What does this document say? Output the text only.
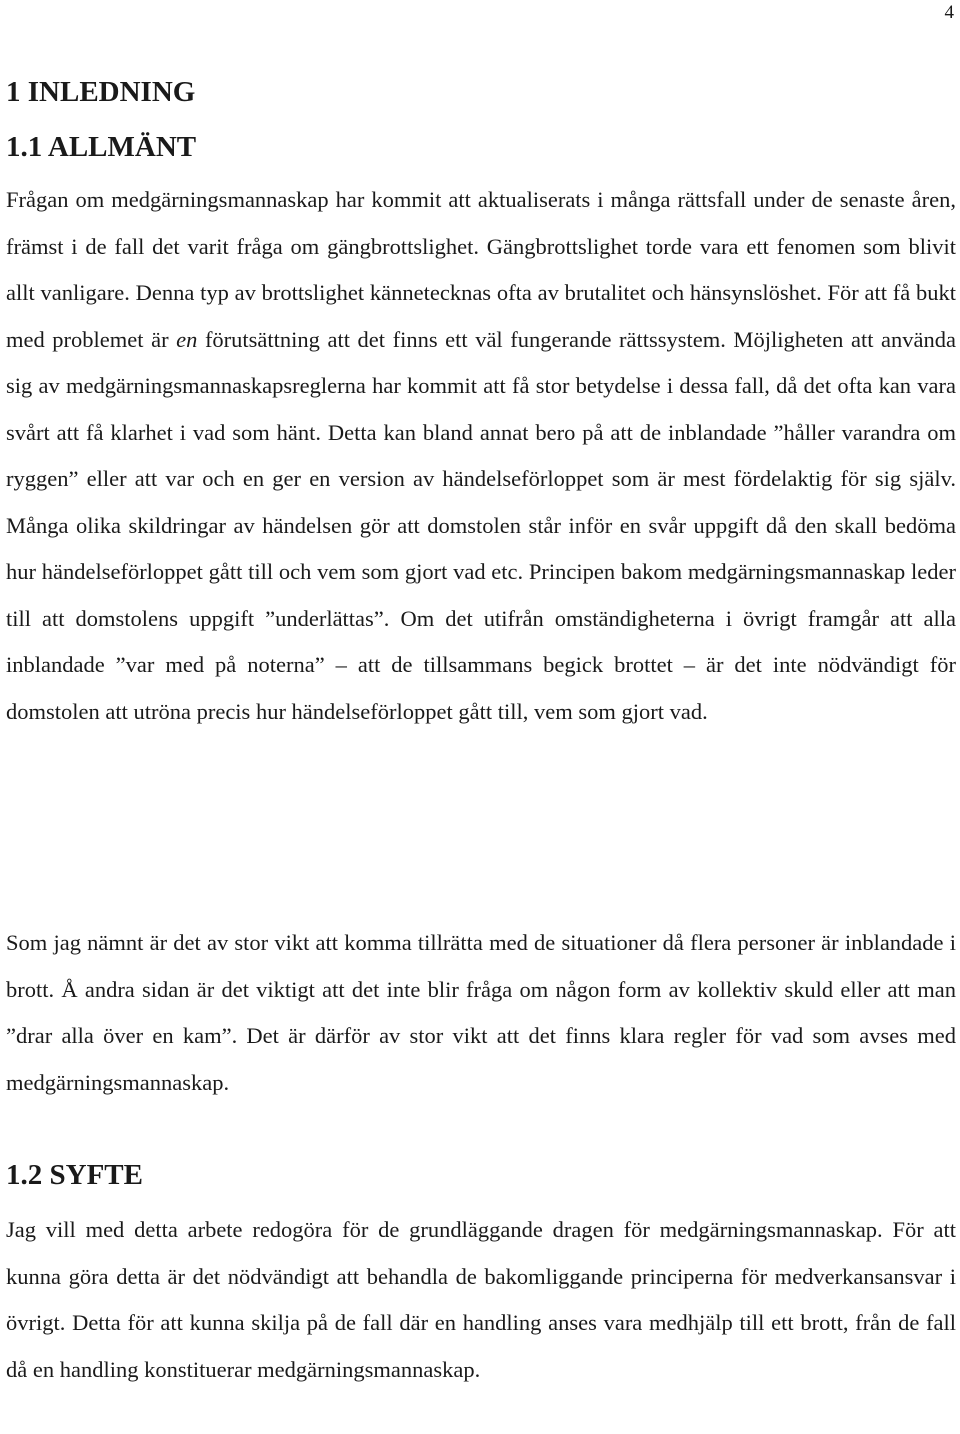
4
1 INLEDNING
1.1 ALLMÄNT

Frågan om medgärningsmannaskap har kommit att aktualiserats i många rättsfall under de senaste åren, främst i de fall det varit fråga om gängbrottslighet. Gängbrottslighet torde vara ett fenomen som blivit allt vanligare. Denna typ av brottslighet kännetecknas ofta av brutalitet och hänsynslöshet. För att få bukt med problemet är en förutsättning att det finns ett väl fungerande rättssystem. Möjligheten att använda sig av medgärningsmannaskapsreglerna har kommit att få stor betydelse i dessa fall, då det ofta kan vara svårt att få klarhet i vad som hänt. Detta kan bland annat bero på att de inblandade ”håller varandra om ryggen” eller att var och en ger en version av händelseförloppet som är mest fördelaktig för sig själv. Många olika skildringar av händelsen gör att domstolen står inför en svår uppgift då den skall bedöma hur händelseförloppet gått till och vem som gjort vad etc. Principen bakom medgärningsmannaskap leder till att domstolens uppgift ”underlättas”. Om det utifrån omständigheterna i övrigt framgår att alla inblandade ”var med på noterna” – att de tillsammans begick brottet – är det inte nödvändigt för domstolen att utröna precis hur händelseförloppet gått till, vem som gjort vad.

Som jag nämnt är det av stor vikt att komma tillrätta med de situationer då flera personer är inblandade i brott. Å andra sidan är det viktigt att det inte blir fråga om någon form av kollektiv skuld eller att man ”drar alla över en kam”. Det är därför av stor vikt att det finns klara regler för vad som avses med medgärningsmannaskap.

1.2 SYFTE

Jag vill med detta arbete redogöra för de grundläggande dragen för medgärningsmannaskap. För att kunna göra detta är det nödvändigt att behandla de bakomliggande principerna för medverkansansvar i övrigt. Detta för att kunna skilja på de fall där en handling anses vara medhjälp till ett brott, från de fall då en handling konstituerar medgärningsmannaskap.
